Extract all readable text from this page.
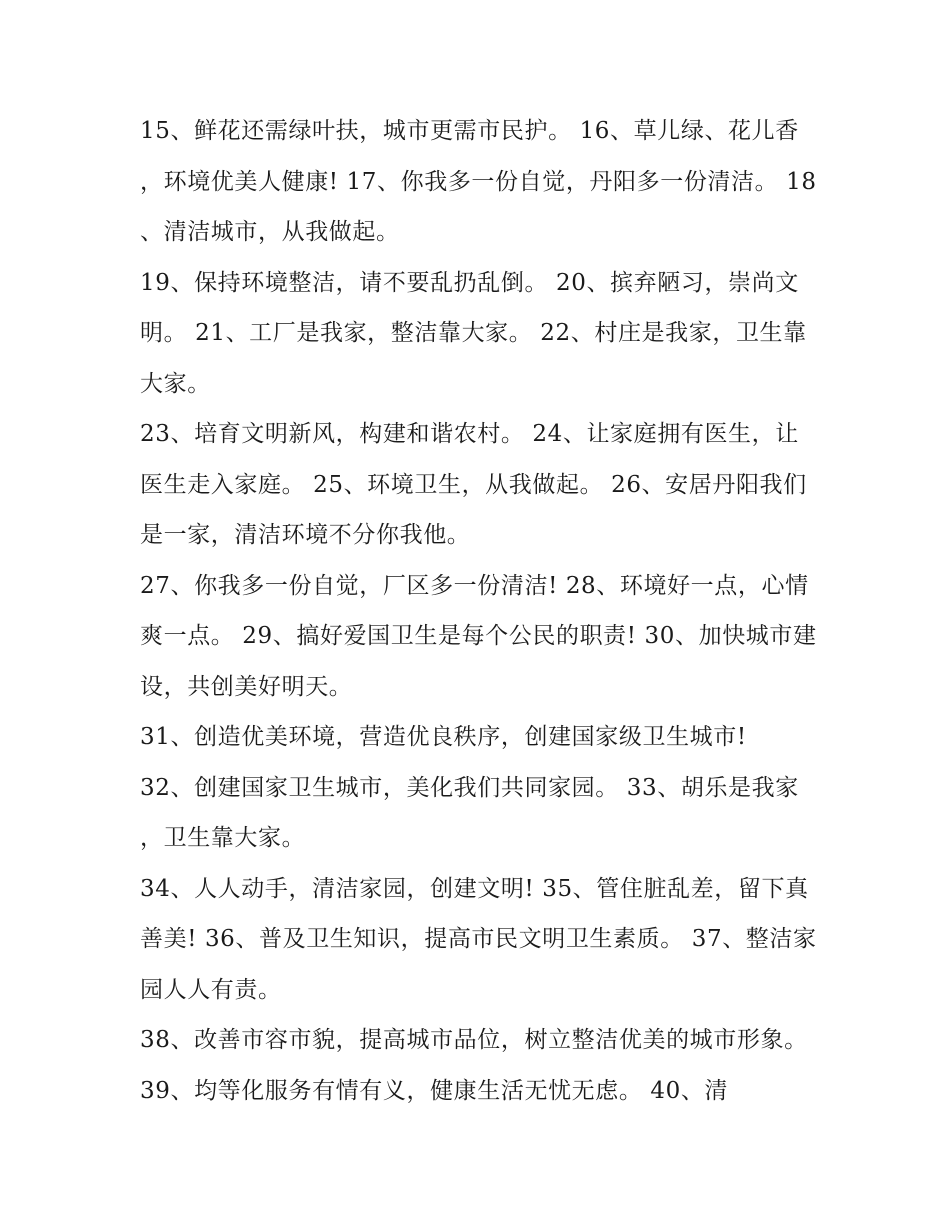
15、鲜花还需绿叶扶，城市更需市民护。 16、草儿绿、花儿香，环境优美人健康! 17、你我多一份自觉，丹阳多一份清洁。 18、清洁城市，从我做起。

19、保持环境整洁，请不要乱扔乱倒。 20、摈弃陋习，崇尚文明。 21、工厂是我家，整洁靠大家。 22、村庄是我家，卫生靠大家。

23、培育文明新风，构建和谐农村。 24、让家庭拥有医生，让医生走入家庭。 25、环境卫生，从我做起。 26、安居丹阳我们是一家，清洁环境不分你我他。

27、你我多一份自觉，厂区多一份清洁! 28、环境好一点，心情爽一点。 29、搞好爱国卫生是每个公民的职责! 30、加快城市建设，共创美好明天。

31、创造优美环境，营造优良秩序，创建国家级卫生城市!

32、创建国家卫生城市，美化我们共同家园。 33、胡乐是我家，卫生靠大家。

34、人人动手，清洁家园，创建文明! 35、管住脏乱差，留下真善美! 36、普及卫生知识，提高市民文明卫生素质。 37、整洁家园人人有责。

38、改善市容市貌，提高城市品位，树立整洁优美的城市形象。 39、均等化服务有情有义，健康生活无忧无虑。 40、清
